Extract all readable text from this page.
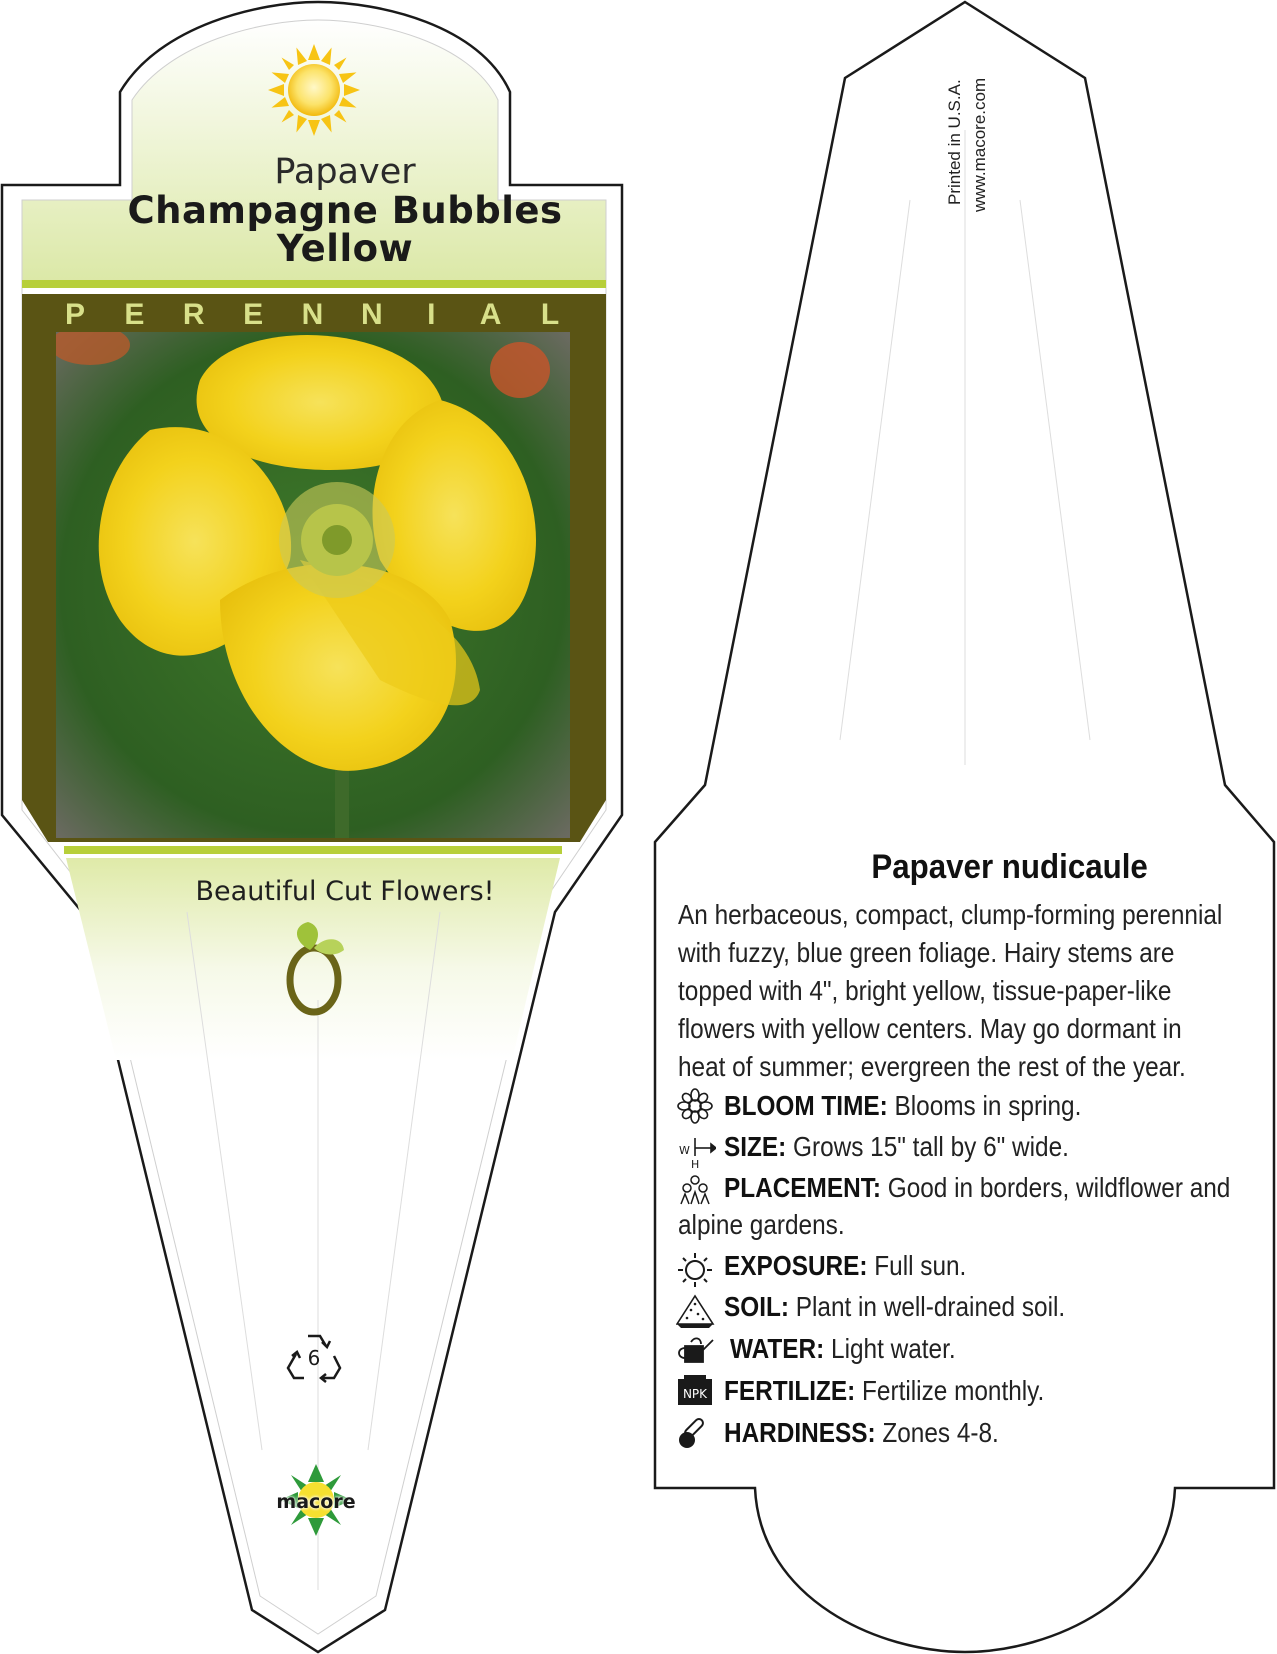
Papaver
Champagne Bubbles
Yellow
P E R E N N	I	A L
Beautiful Cut Flowers!
6
macore
Printed in U.S.A. www.macore.com
Papaver nudicaule
An herbaceous, compact, clump-forming perennial with fuzzy, blue green foliage. Hairy stems are topped with 4", bright yellow, tissue-paper-like flowers with yellow centers. May go dormant in heat of summer; evergreen the rest of the year.
W
H
NPK
BLOOM TIME: Blooms in spring.
SIZE: Grows 15" tall by 6" wide.
PLACEMENT: Good in borders, wildflower and
alpine gardens.
EXPOSURE: Full sun.
SOIL: Plant in well-drained soil.
WATER: Light water.
FERTILIZE: Fertilize monthly.
HARDINESS: Zones 4-8.
